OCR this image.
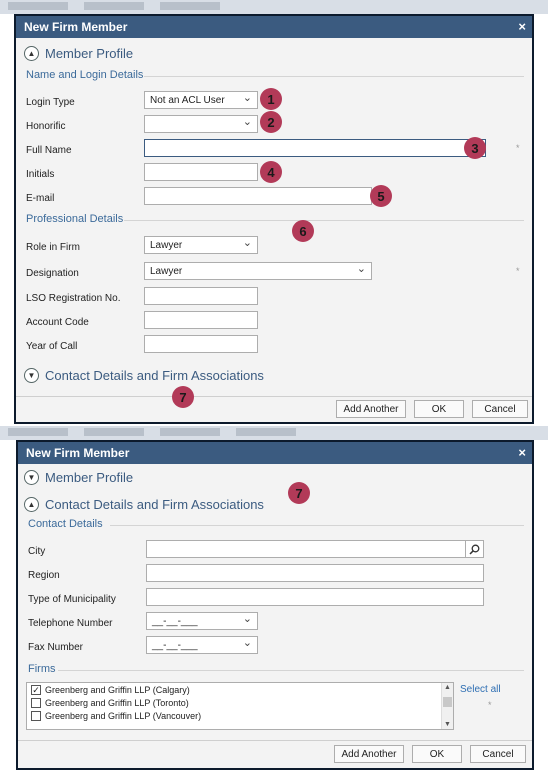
New Firm Member	×
▲ Member Profile
Name and Login Details
Login Type	Not an ACL User ⌄
Honorific
⌄
Full Name	*
Initials
E-mail
Professional Details
Role in Firm	Lawyer ⌄
Designation	Lawyer ⌄	*
LSO Registration No.
Account Code
Year of Call
▼ Contact Details and Firm Associations
Add Another	OK	Cancel
1
2
3
4
5
6
7
New Firm Member	×
▼ Member Profile
▲ Contact Details and Firm Associations
7
Contact Details
City
Region
Type of Municipality
Telephone Number	__-__-___ ⌄
Fax Number	__-__-___ ⌄
Firms
✓ Greenberg and Griffin LLP (Calgary)
Greenberg and Griffin LLP (Toronto)
Greenberg and Griffin LLP (Vancouver)
▲
▼
Select all
*
Add Another	OK	Cancel
